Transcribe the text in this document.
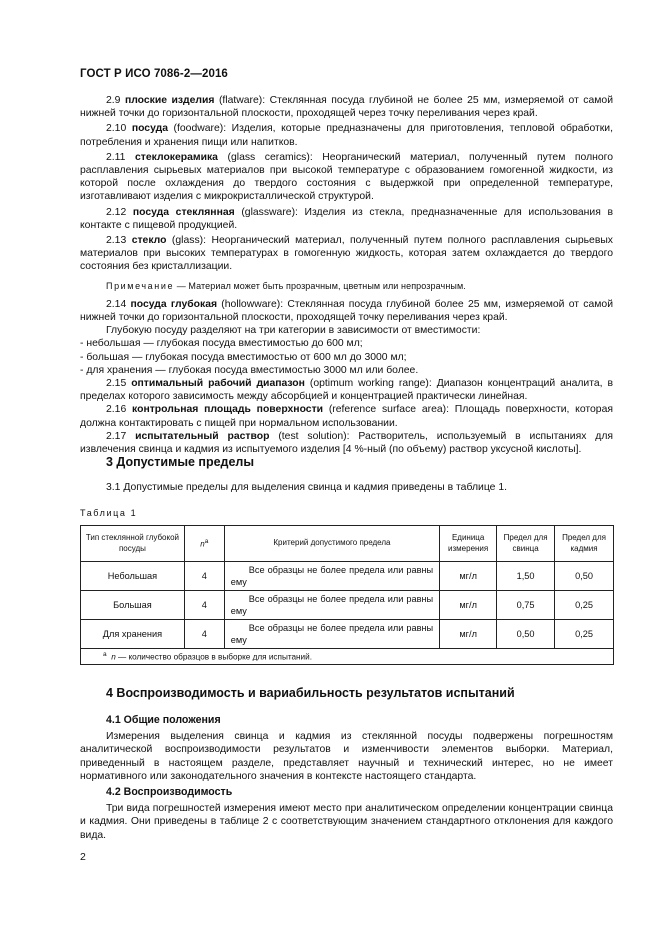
ГОСТ Р ИСО 7086-2—2016

2.9 плоские изделия (flatware): Стеклянная посуда глубиной не более 25 мм, измеряемой от самой нижней точки до горизонтальной плоскости, проходящей через точку переливания через край.

2.10 посуда (foodware): Изделия, которые предназначены для приготовления, тепловой обработки, потребления и хранения пищи или напитков.

2.11 стеклокерамика (glass ceramics): Неорганический материал, полученный путем полного расплавления сырьевых материалов при высокой температуре с образованием гомогенной жидкости, из которой после охлаждения до твердого состояния с выдержкой при определенной температуре, изготавливают изделия с микрокристаллической структурой.

2.12 посуда стеклянная (glassware): Изделия из стекла, предназначенные для использования в контакте с пищевой продукцией.

2.13 стекло (glass): Неорганический материал, полученный путем полного расплавления сырьевых материалов при высоких температурах в гомогенную жидкость, которая затем охлаждается до твердого состояния без кристаллизации.

Примечание — Материал может быть прозрачным, цветным или непрозрачным.

2.14 посуда глубокая (hollowware): Стеклянная посуда глубиной более 25 мм, измеряемой от самой нижней точки до горизонтальной плоскости, проходящей точку переливания через край.

Глубокую посуду разделяют на три категории в зависимости от вместимости:

- небольшая — глубокая посуда вместимостью до 600 мл;

- большая — глубокая посуда вместимостью от 600 мл до 3000 мл;

- для хранения — глубокая посуда вместимостью 3000 мл или более.

2.15 оптимальный рабочий диапазон (optimum working range): Диапазон концентраций аналита, в пределах которого зависимость между абсорбцией и концентрацией практически линейная.

2.16 контрольная площадь поверхности (reference surface area): Площадь поверхности, которая должна контактировать с пищей при нормальном использовании.

2.17 испытательный раствор (test solution): Растворитель, используемый в испытаниях для извлечения свинца и кадмия из испытуемого изделия [4 %-ный (по объему) раствор уксусной кислоты].

3 Допустимые пределы

3.1 Допустимые пределы для выделения свинца и кадмия приведены в таблице 1.

Таблица 1
Тип стеклянной глубокой посуды	$n^а$	Критерий допустимого предела	Единица измерения	Предел для свинца	Предел для кадмия
Небольшая	4	Все образцы не более предела или равны ему	мг/л	1,50	0,50
Большая	4	Все образцы не более предела или равны ему	мг/л	0,75	0,25
Для хранения	4	Все образцы не более предела или равны ему	мг/л	0,50	0,25
$^а$ n — количество образцов в выборке для испытаний.					
4 Воспроизводимость и вариабильность результатов испытаний
4.1 Общие положения

Измерения выделения свинца и кадмия из стеклянной посуды подвержены погрешностям аналитической воспроизводимости результатов и изменчивости элементов выборки. Материал, приведенный в настоящем разделе, представляет научный и технический интерес, но не имеет нормативного или законодательного значения в контексте настоящего стандарта.

4.2 Воспроизводимость

Три вида погрешностей измерения имеют место при аналитическом определении концентрации свинца и кадмия. Они приведены в таблице 2 с соответствующим значением стандартного отклонения для каждого вида.

2
